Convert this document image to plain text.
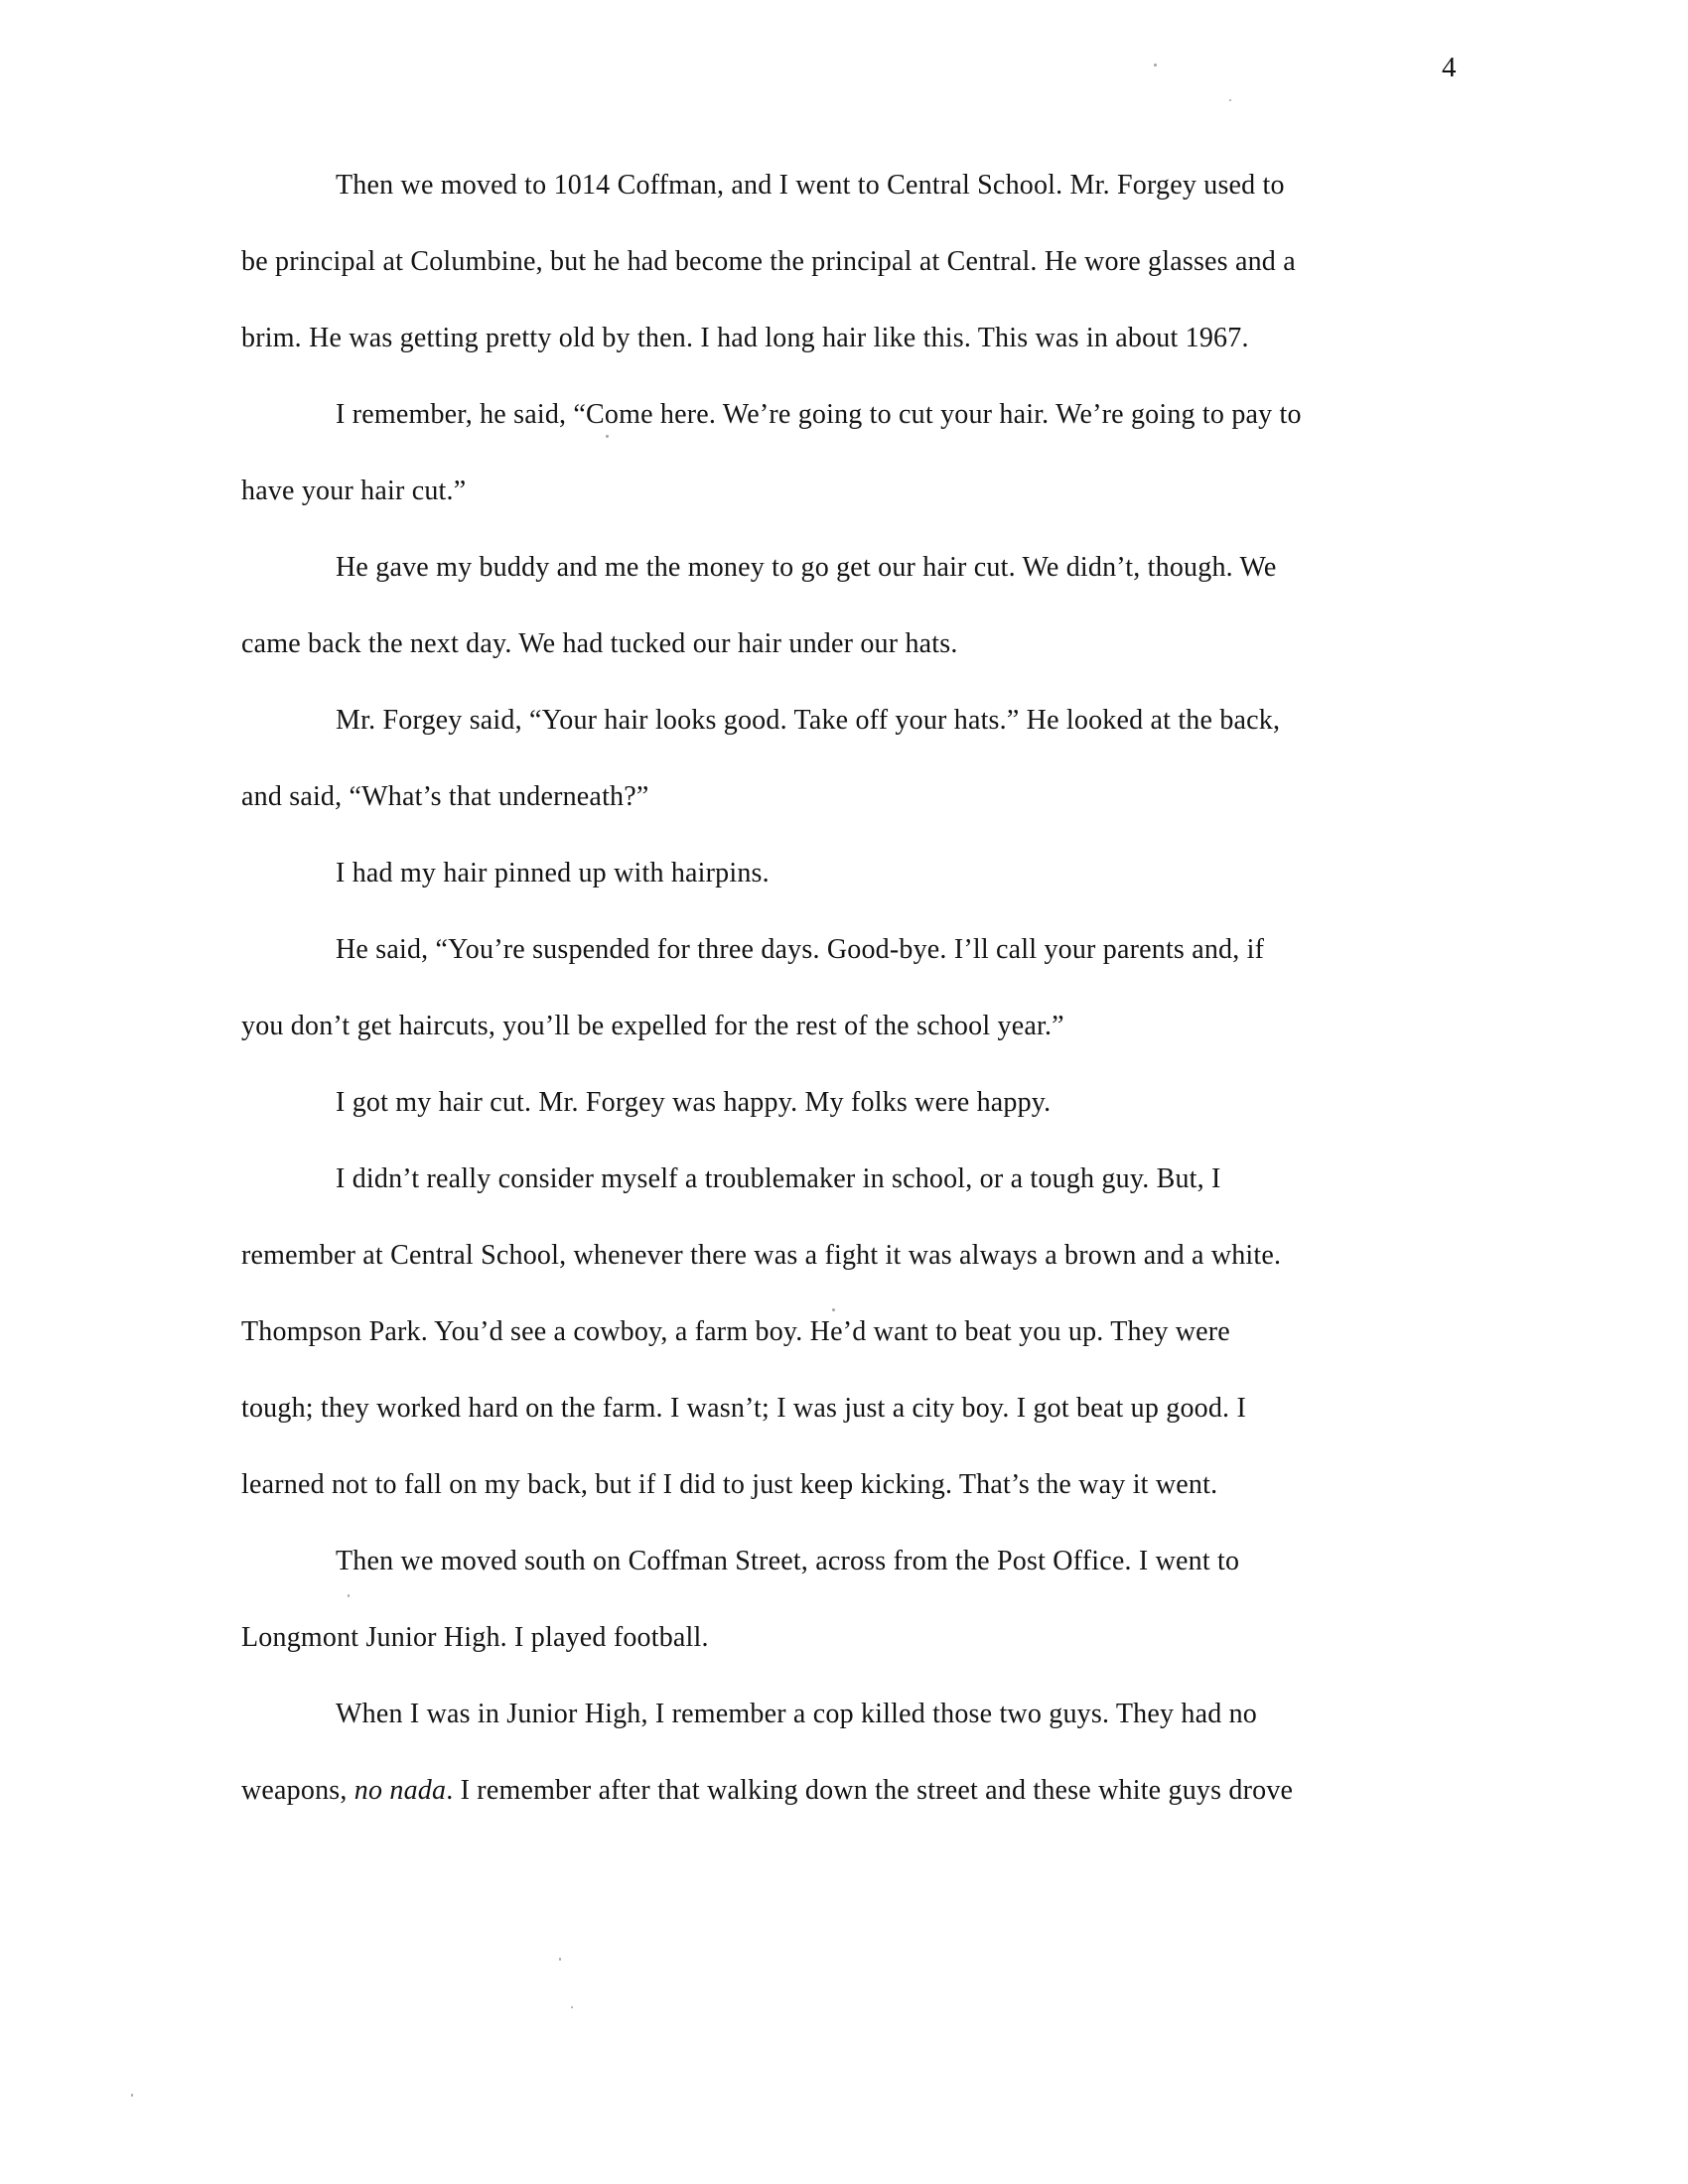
4
Then we moved to 1014 Coffman, and I went to Central School. Mr. Forgey used to
be principal at Columbine, but he had become the principal at Central. He wore glasses and a
brim. He was getting pretty old by then. I had long hair like this. This was in about 1967.
I remember, he said, “Come here. We’re going to cut your hair. We’re going to pay to
have your hair cut.”
He gave my buddy and me the money to go get our hair cut. We didn’t, though. We
came back the next day. We had tucked our hair under our hats.
Mr. Forgey said, “Your hair looks good. Take off your hats.” He looked at the back,
and said, “What’s that underneath?”
I had my hair pinned up with hairpins.
He said, “You’re suspended for three days. Good-bye. I’ll call your parents and, if
you don’t get haircuts, you’ll be expelled for the rest of the school year.”
I got my hair cut. Mr. Forgey was happy. My folks were happy.
I didn’t really consider myself a troublemaker in school, or a tough guy. But, I
remember at Central School, whenever there was a fight it was always a brown and a white.
Thompson Park. You’d see a cowboy, a farm boy. He’d want to beat you up. They were
tough; they worked hard on the farm. I wasn’t; I was just a city boy. I got beat up good. I
learned not to fall on my back, but if I did to just keep kicking. That’s the way it went.
Then we moved south on Coffman Street, across from the Post Office. I went to
Longmont Junior High. I played football.
When I was in Junior High, I remember a cop killed those two guys. They had no
weapons, no nada. I remember after that walking down the street and these white guys drove
